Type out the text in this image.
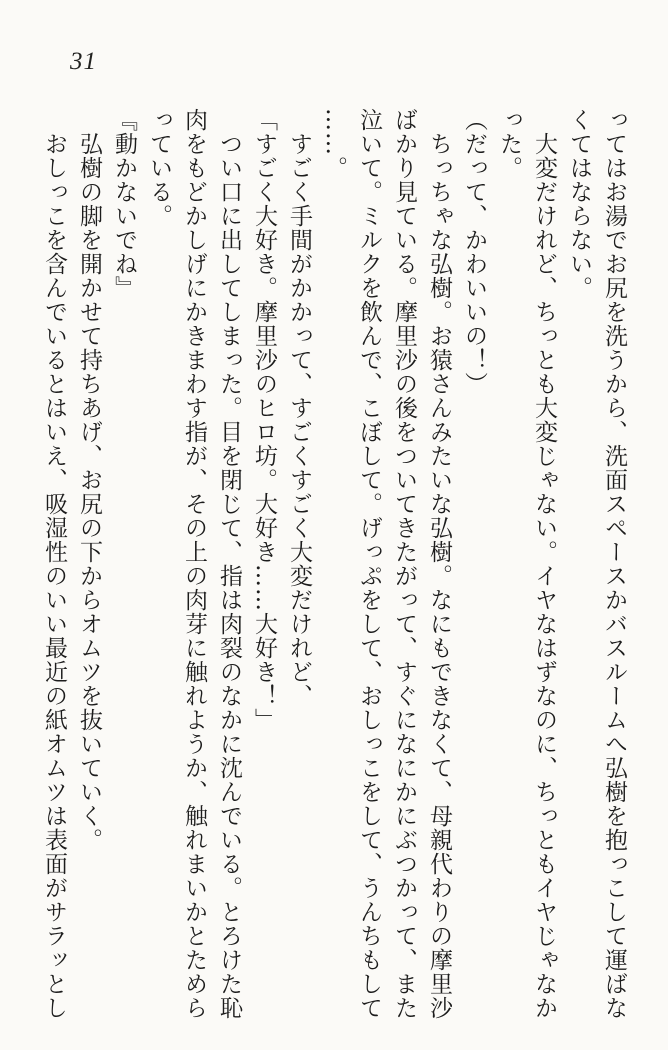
31

ってはお湯でお尻を洗うから、洗面スペースかバスルームへ弘樹を抱っこして運ばな

くてはならない。

　大変だけれど、ちっとも大変じゃない。イヤなはずなのに、ちっともイヤじゃなか

った。

（だって、かわいいの！）

　ちっちゃな弘樹。お猿さんみたいな弘樹。なにもできなくて、母親代わりの摩里沙

ばかり見ている。摩里沙の後をついてきたがって、すぐになにかにぶつかって、また

泣いて。ミルクを飲んで、こぼして。げっぷをして、おしっこをして、うんちもして

……。

　すごく手間がかかって、すごくすごく大変だけれど、

「すごく大好き。摩里沙のヒロ坊。大好き……大好き！」

　つい口に出してしまった。目を閉じて、指は肉裂のなかに沈んでいる。とろけた恥

肉をもどかしげにかきまわす指が、その上の肉芽に触れようか、触れまいかとためら

っている。

『動かないでね』

　弘樹の脚を開かせて持ちあげ、お尻の下からオムツを抜いていく。

　おしっこを含んでいるとはいえ、吸湿性のいい最近の紙オムツは表面がサラッとし
